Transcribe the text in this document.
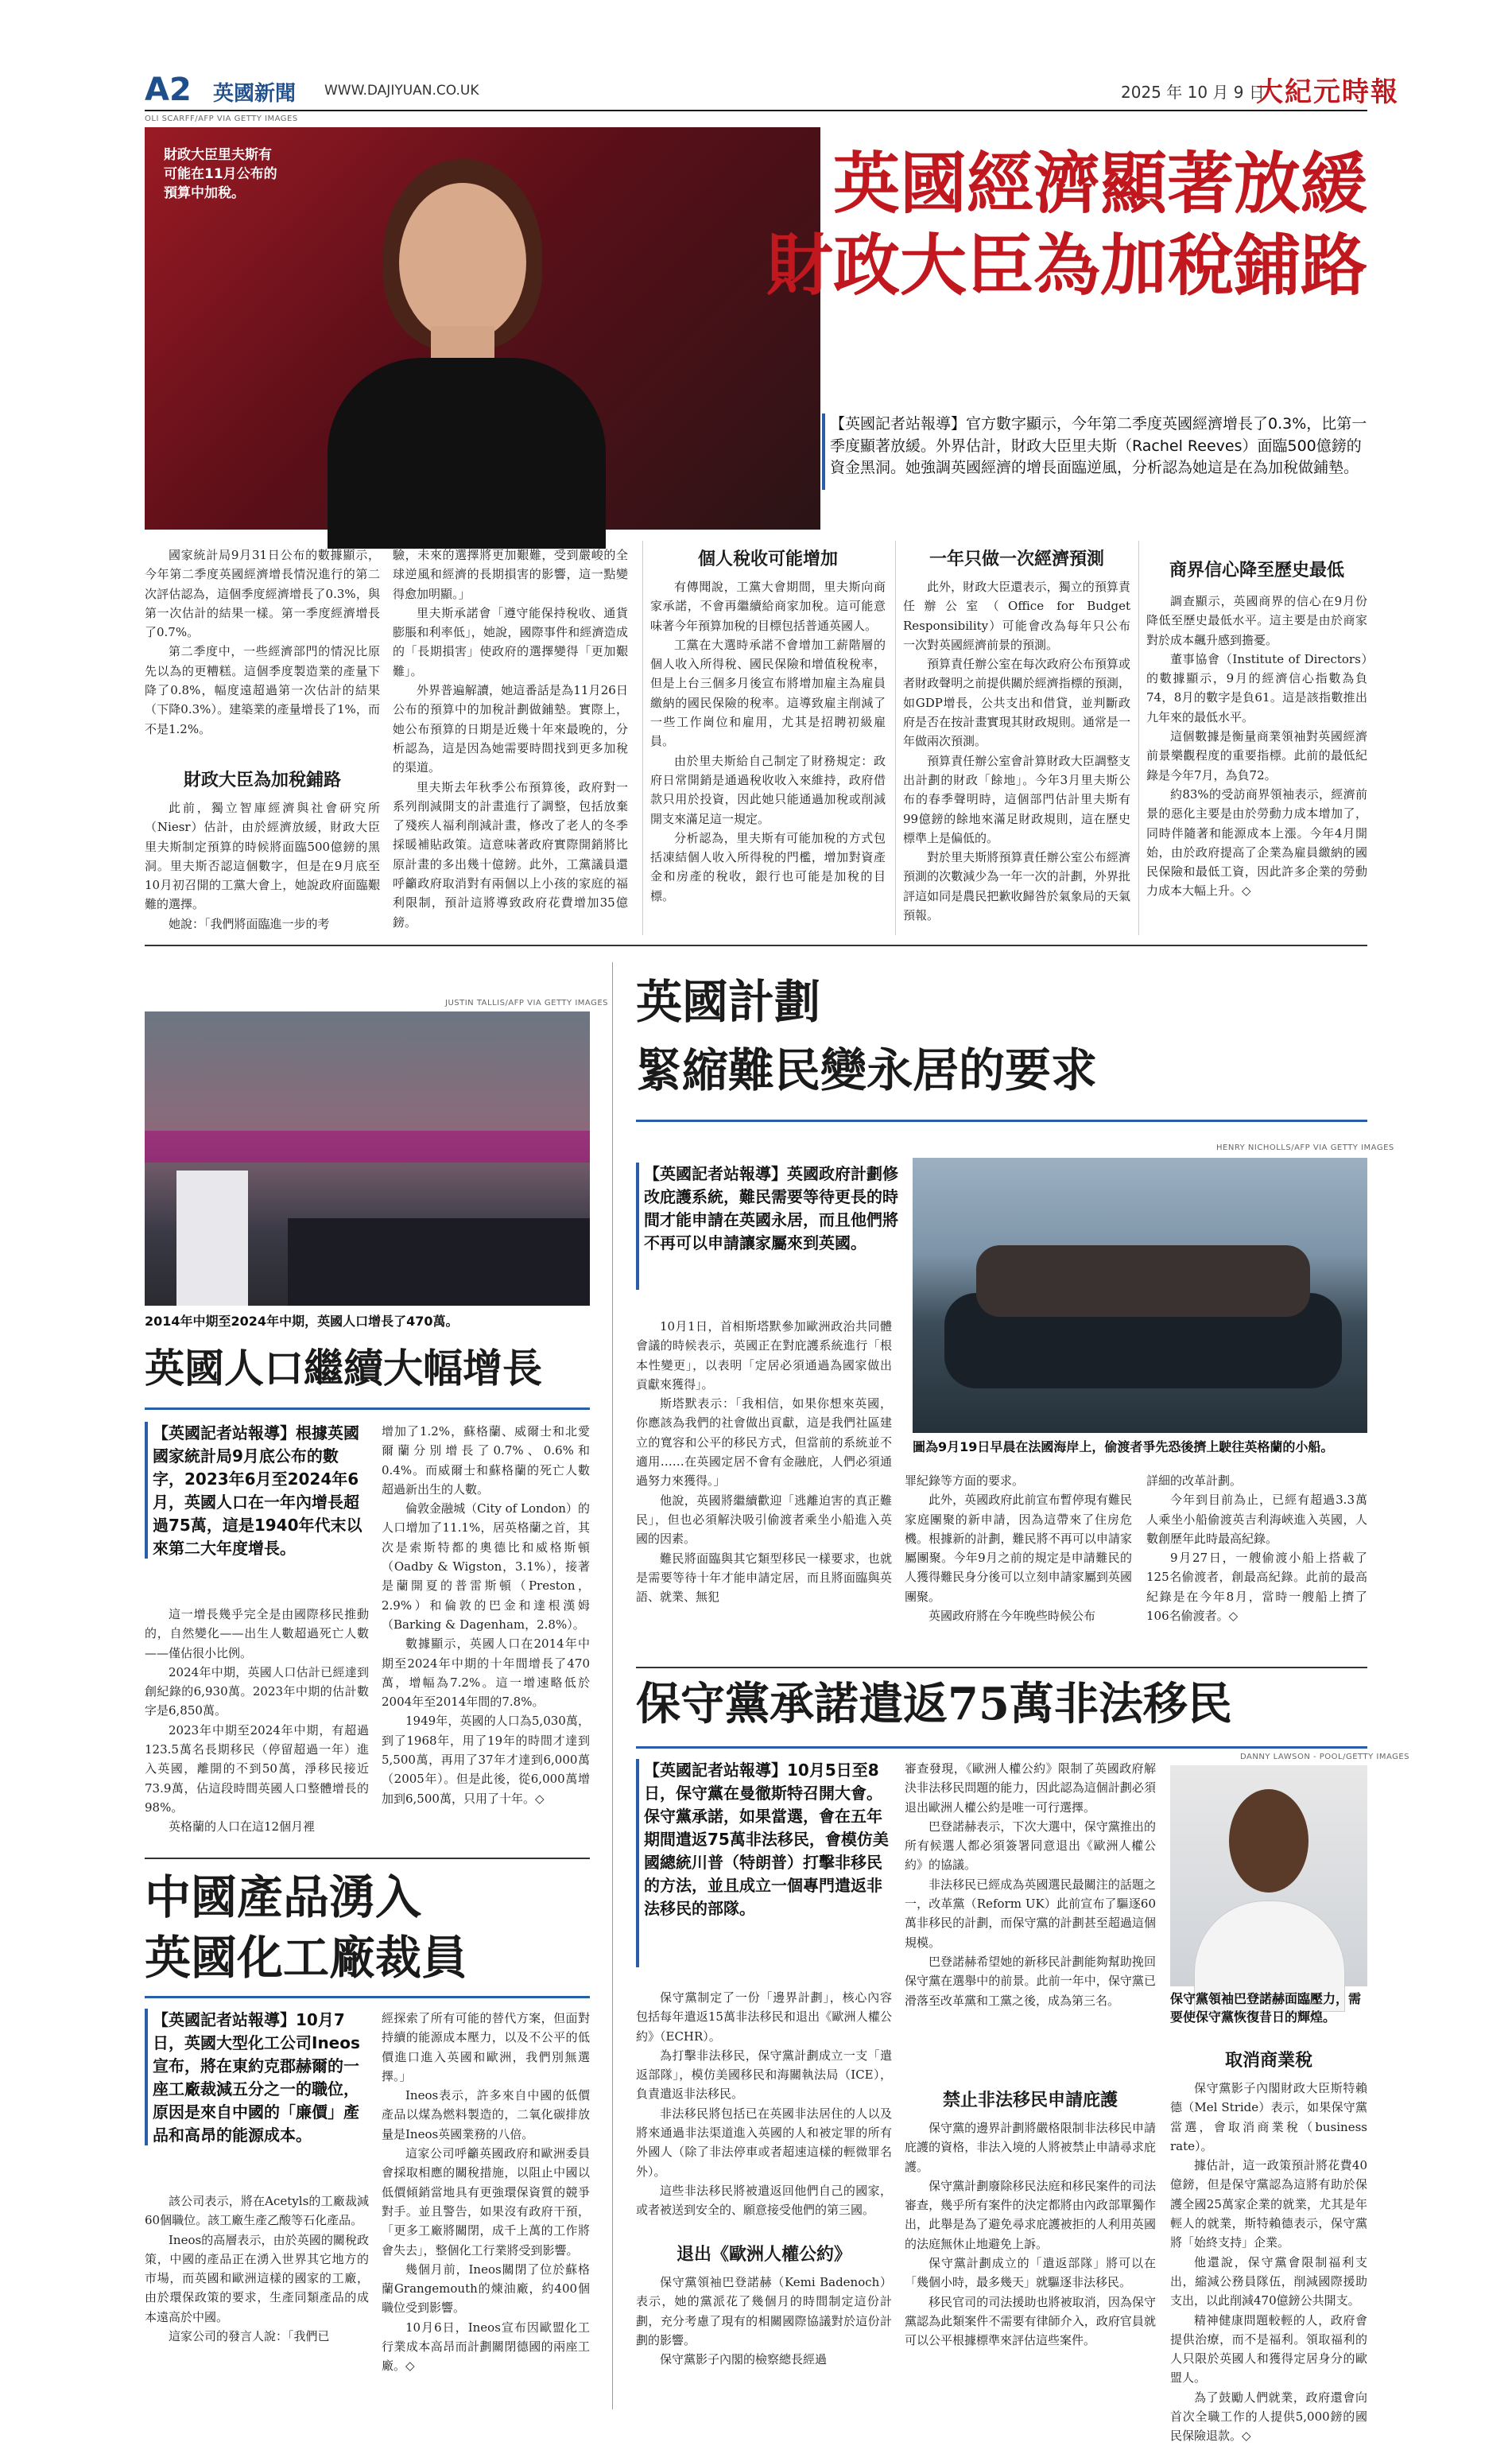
A2 英國新聞 WWW.DAJIYUAN.CO.UK	2025 年 10 月 9 日
大紀元時報
OLI SCARFF/AFP VIA GETTY IMAGES
財政大臣里夫斯有可能在11月公布的預算中加稅。	英國經濟顯著放緩
財政大臣為加稅鋪路
【英國記者站報導】官方數字顯示，今年第二季度英國經濟增長了0.3%，比第一季度顯著放緩。外界估計，財政大臣里夫斯（Rachel Reeves）面臨500億鎊的資金黑洞。她強調英國經濟的增長面臨逆風，分析認為她這是在為加稅做鋪墊。

國家統計局9月31日公布的數據顯示，今年第二季度英國經濟增長情況進行的第二次評估認為，這個季度經濟增長了0.3%，與第一次估計的結果一樣。第一季度經濟增長了0.7%。

第二季度中，一些經濟部門的情況比原先以為的更糟糕。這個季度製造業的產量下降了0.8%，幅度遠超過第一次估計的結果（下降0.3%）。建築業的產量增長了1%，而不是1.2%。

財政大臣為加稅鋪路

此前，獨立智庫經濟與社會研究所（Niesr）估計，由於經濟放緩，財政大臣里夫斯制定預算的時候將面臨500億鎊的黑洞。里夫斯否認這個數字，但是在9月底至10月初召開的工黨大會上，她說政府面臨艱難的選擇。

她說：「我們將面臨進一步的考

驗，未來的選擇將更加艱難，受到嚴峻的全球逆風和經濟的長期損害的影響，這一點變得愈加明顯。」

里夫斯承諾會「遵守能保持稅收、通貨膨脹和利率低」，她說，國際事件和經濟造成的「長期損害」使政府的選擇變得「更加艱難」。

外界普遍解讀，她這番話是為11月26日公布的預算中的加稅計劃做鋪墊。實際上，她公布預算的日期是近幾十年來最晚的，分析認為，這是因為她需要時間找到更多加稅的渠道。

里夫斯去年秋季公布預算後，政府對一系列削減開支的計畫進行了調整，包括放棄了殘疾人福利削減計畫，修改了老人的冬季採暖補貼政策。這意味著政府實際開銷將比原計畫的多出幾十億鎊。此外，工黨議員還呼籲政府取消對有兩個以上小孩的家庭的福利限制，預計這將導致政府花費增加35億鎊。

個人稅收可能增加

有傳聞說，工黨大會期間，里夫斯向商家承諾，不會再繼續給商家加稅。這可能意味著今年預算加稅的目標包括普通英國人。

工黨在大選時承諾不會增加工薪階層的個人收入所得稅、國民保險和增值稅稅率，但是上台三個多月後宣布將增加雇主為雇員繳納的國民保險的稅率。這導致雇主削減了一些工作崗位和雇用，尤其是招聘初級雇員。

由於里夫斯給自己制定了財務規定：政府日常開銷是通過稅收收入來維持，政府借款只用於投資，因此她只能通過加稅或削減開支來滿足這一規定。

分析認為，里夫斯有可能加稅的方式包括凍結個人收入所得稅的門檻，增加對資產金和房產的稅收，銀行也可能是加稅的目標。

一年只做一次經濟預測

此外，財政大臣還表示，獨立的預算責任辦公室（Office for Budget Responsibility）可能會改為每年只公布一次對英國經濟前景的預測。

預算責任辦公室在每次政府公布預算或者財政聲明之前提供關於經濟指標的預測，如GDP增長，公共支出和借貸，並判斷政府是否在按計畫實現其財政規則。通常是一年做兩次預測。

預算責任辦公室會計算財政大臣調整支出計劃的財政「餘地」。今年3月里夫斯公布的春季聲明時，這個部門估計里夫斯有99億鎊的餘地來滿足財政規則，這在歷史標準上是偏低的。

對於里夫斯將預算責任辦公室公布經濟預測的次數減少為一年一次的計劃，外界批評這如同是農民把歉收歸咎於氣象局的天氣預報。

商界信心降至歷史最低

調查顯示，英國商界的信心在9月份降低至歷史最低水平。這主要是由於商家對於成本飆升感到擔憂。

董事協會（Institute of Directors）的數據顯示，9月的經濟信心指數為負74，8月的數字是負61。這是該指數推出九年來的最低水平。

這個數據是衡量商業領袖對英國經濟前景樂觀程度的重要指標。此前的最低紀錄是今年7月，為負72。

約83%的受訪商界領袖表示，經濟前景的惡化主要是由於勞動力成本增加了，同時伴隨著和能源成本上漲。今年4月開始，由於政府提高了企業為雇員繳納的國民保險和最低工資，因此許多企業的勞動力成本大幅上升。◇

JUSTIN TALLIS/AFP VIA GETTY IMAGES
2014年中期至2024年中期，英國人口增長了470萬。
英國人口繼續大幅增長
【英國記者站報導】根據英國國家統計局9月底公布的數字，2023年6月至2024年6月，英國人口在一年內增長超過75萬，這是1940年代末以來第二大年度增長。

這一增長幾乎完全是由國際移民推動的，自然變化——出生人數超過死亡人數——僅佔很小比例。

2024年中期，英國人口估計已經達到創紀錄的6,930萬。2023年中期的估計數字是6,850萬。

2023年中期至2024年中期，有超過123.5萬名長期移民（停留超過一年）進入英國，離開的不到50萬，淨移民接近73.9萬，佔這段時間英國人口整體增長的98%。

英格蘭的人口在這12個月裡

增加了1.2%，蘇格蘭、威爾士和北愛爾蘭分別增長了0.7%、0.6%和0.4%。而威爾士和蘇格蘭的死亡人數超過新出生的人數。

倫敦金融城（City of London）的人口增加了11.1%，居英格蘭之首，其次是索斯特都的奧德比和威格斯頓（Oadby & Wigston，3.1%），接著是蘭開夏的普雷斯頓（Preston，2.9%）和倫敦的巴金和達根漢姆（Barking & Dagenham，2.8%）。

數據顯示，英國人口在2014年中期至2024年中期的十年間增長了470萬，增幅為7.2%。這一增速略低於2004年至2014年間的7.8%。

1949年，英國的人口為5,030萬，到了1968年，用了19年的時間才達到5,500萬，再用了37年才達到6,000萬（2005年）。但是此後，從6,000萬增加到6,500萬，只用了十年。◇

中國產品湧入
英國化工廠裁員
【英國記者站報導】10月7日，英國大型化工公司Ineos宣布，將在東約克郡赫爾的一座工廠裁減五分之一的職位，原因是來自中國的「廉價」產品和高昂的能源成本。

該公司表示，將在Acetyls的工廠裁減60個職位。該工廠生產乙酸等石化產品。

Ineos的高層表示，由於英國的關稅政策，中國的產品正在湧入世界其它地方的市場，而英國和歐洲這樣的國家的工廠，由於環保政策的要求，生產同類產品的成本遠高於中國。

這家公司的發言人說：「我們已

經探索了所有可能的替代方案，但面對持續的能源成本壓力，以及不公平的低價進口進入英國和歐洲，我們別無選擇。」

Ineos表示，許多來自中國的低價產品以煤為燃料製造的，二氧化碳排放量是Ineos英國業務的八倍。

這家公司呼籲英國政府和歐洲委員會採取相應的關稅措施，以阻止中國以低價傾銷當地具有更強環保資質的競爭對手。並且警告，如果沒有政府干預，「更多工廠將關閉，成千上萬的工作將會失去」，整個化工行業將受到影響。

幾個月前，Ineos關閉了位於蘇格蘭Grangemouth的煉油廠，約400個職位受到影響。

10月6日，Ineos宣布因歐盟化工行業成本高昂而計劃關閉德國的兩座工廠。◇

英國計劃
緊縮難民變永居的要求
HENRY NICHOLLS/AFP VIA GETTY IMAGES
圖為9月19日早晨在法國海岸上，偷渡者爭先恐後擠上駛往英格蘭的小船。
【英國記者站報導】英國政府計劃修改庇護系統，難民需要等待更長的時間才能申請在英國永居，而且他們將不再可以申請讓家屬來到英國。

10月1日，首相斯塔默參加歐洲政治共同體會議的時候表示，英國正在對庇護系統進行「根本性變更」，以表明「定居必須通過為國家做出貢獻來獲得」。

斯塔默表示：「我相信，如果你想來英國，你應該為我們的社會做出貢獻，這是我們社區建立的寬容和公平的移民方式，但當前的系統並不適用……在英國定居不會有金融庇，人們必須通過努力來獲得。」

他說，英國將繼續歡迎「逃離迫害的真正難民」，但也必須解決吸引偷渡者乘坐小船進入英國的因素。

難民將面臨與其它類型移民一樣要求，也就是需要等待十年才能申請定居，而且將面臨與英語、就業、無犯

罪紀錄等方面的要求。

此外，英國政府此前宣布暫停現有難民家庭團聚的新申請，因為這帶來了住房危機。根據新的計劃，難民將不再可以申請家屬團聚。今年9月之前的規定是申請難民的人獲得難民身分後可以立刻申請家屬到英國團聚。

英國政府將在今年晚些時候公布

詳細的改革計劃。

今年到目前為止，已經有超過3.3萬人乘坐小船偷渡英吉利海峽進入英國，人數創歷年此時最高紀錄。

9月27日，一艘偷渡小船上搭載了125名偷渡者，創最高紀錄。此前的最高紀錄是在今年8月，當時一艘船上擠了106名偷渡者。◇

保守黨承諾遣返75萬非法移民
【英國記者站報導】10月5日至8日，保守黨在曼徹斯特召開大會。保守黨承諾，如果當選，會在五年期間遣返75萬非法移民，會模仿美國總統川普（特朗普）打擊非移民的方法，並且成立一個專門遣返非法移民的部隊。

保守黨制定了一份「邊界計劃」，核心內容包括每年遣返15萬非法移民和退出《歐洲人權公約》（ECHR）。

為打擊非法移民，保守黨計劃成立一支「遣返部隊」，模仿美國移民和海關執法局（ICE），負責遣返非法移民。

非法移民將包括已在英國非法居住的人以及將來通過非法渠道進入英國的人和被定罪的所有外國人（除了非法停車或者超速這樣的輕微罪名外）。

這些非法移民將被遣返回他們自己的國家，或者被送到安全的、願意接受他們的第三國。

退出《歐洲人權公約》

保守黨領袖巴登諾赫（Kemi Badenoch）表示，她的黨派花了幾個月的時間制定這份計劃，充分考慮了現有的相關國際協議對於這份計劃的影響。

保守黨影子內閣的檢察總長經過

審查發現，《歐洲人權公約》限制了英國政府解決非法移民問題的能力，因此認為這個計劃必須退出歐洲人權公約是唯一可行選擇。

巴登諾赫表示，下次大選中，保守黨推出的所有候選人都必須簽署同意退出《歐洲人權公約》的協議。

非法移民已經成為英國選民最關注的話題之一，改革黨（Reform UK）此前宣布了驅逐60萬非移民的計劃，而保守黨的計劃甚至超過這個規模。

巴登諾赫希望她的新移民計劃能夠幫助挽回保守黨在選舉中的前景。此前一年中，保守黨已滑落至改革黨和工黨之後，成為第三名。

禁止非法移民申請庇護

保守黨的邊界計劃將嚴格限制非法移民申請庇護的資格，非法入境的人將被禁止申請尋求庇護。

保守黨計劃廢除移民法庭和移民案件的司法審查，幾乎所有案件的決定都將由內政部單獨作出，此舉是為了避免尋求庇護被拒的人利用英國的法庭無休止地避免上訴。

保守黨計劃成立的「遣返部隊」將可以在「幾個小時，最多幾天」就驅逐非法移民。

移民官司的司法援助也將被取消，因為保守黨認為此類案件不需要有律師介入，政府官員就可以公平根據標準來評估這些案件。

DANNY LAWSON - POOL/GETTY IMAGES
保守黨領袖巴登諾赫面臨壓力，需要使保守黨恢復昔日的輝煌。
取消商業稅

保守黨影子內閣財政大臣斯特賴德（Mel Stride）表示，如果保守黨當選，會取消商業稅（business rate）。

據估計，這一政策預計將花費40億鎊，但是保守黨認為這將有助於保護全國25萬家企業的就業，尤其是年輕人的就業，斯特賴德表示，保守黨將「始終支持」企業。

他還說，保守黨會限制福利支出，縮減公務員隊伍，削減國際援助支出，以此削減470億鎊公共開支。

精神健康問題較輕的人，政府會提供治療，而不是福利。領取福利的人只限於英國人和獲得定居身分的歐盟人。

為了鼓勵人們就業，政府還會向首次全職工作的人提供5,000鎊的國民保險退款。◇
